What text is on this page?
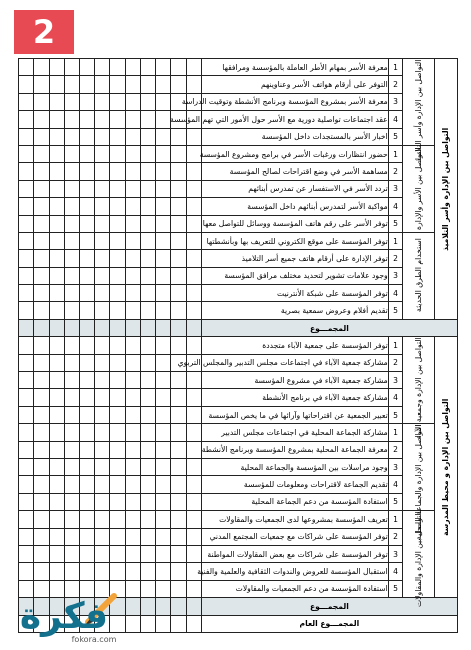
2
التواصل بين الإدارة وأسر التلاميذ	التواصل بين الإدارة وأسر التلاميذ	1	معرفة الأسر بمهام الأطر العاملة بالمؤسسة ومرافقها												
		2	التوفر على أرقام هواتف الأسر وعناوينهم												
		3	معرفة الأسر بمشروع المؤسسة وبرنامج الأنشطة وتوقيت الدراسة												
		4	عقد اجتماعات تواصلية دورية مع الأسر حول الأمور التي تهم المؤسسة												
		5	اخبار الأسر بالمستجدات داخل المؤسسة												
	التواصل بين الأسر والإدارة	1	حضور انتظارات ورغبات الأسر في برامج ومشروع المؤسسة												
		2	مساهمة الأسر في وضع اقتراحات لصالح المؤسسة												
		3	تردد الأسر في الاستفسار عن تمدرس أبنائهم												
		4	مواكبة الأسر لتمدرس أبنائهم داخل المؤسسة												
		5	توفر الأسر على رقم هاتف المؤسسة ووسائل للتواصل معها												
	استخدام الطرق الحديثة	1	توفر المؤسسة على موقع الكتروني للتعريف بها وبأنشطتها												
		2	توفر الإدارة على أرقام هاتف جميع أسر التلاميذ												
		3	وجود علامات تشوير لتحديد مختلف مرافق المؤسسة												
		4	توفر المؤسسة على شبكة الأنترنيت												
		5	تقديم أفلام وعروض سمعية بصرية												
المجمـــوع															
التواصل بين الإدارة و محيط المدرسة	التواصل بين الإدارة وجمعية الآباء	1	توفر المؤسسة على جمعية الآباء متجددة												
		2	مشاركة جمعية الآباء في اجتماعات مجلس التدبير والمجلس التربوي												
		3	مشاركة جمعية الآباء في مشروع المؤسسة												
		4	مشاركة جمعية الآباء في برنامج الأنشطة												
		5	تعبير الجمعية عن اقتراحاتها وآرائها في ما يخص المؤسسة												
	التواصل بين الإدارة والجماعة المحلية	1	مشاركة الجماعة المحلية في اجتماعات مجلس التدبير												
		2	معرفة الجماعة المحلية بمشروع المؤسسة وبرنامج الأنشطة												
		3	وجود مراسلات بين المؤسسة والجماعة المحلية												
		4	تقديم الجماعة لاقتراحات ومعلومات للمؤسسة												
		5	استفادة المؤسسة من دعم الجماعة المحلية												
	التواصل بين الإدارة والمقاولات	1	تعريف المؤسسة بمشروعها لدى الجمعيات والمقاولات												
		2	توفر المؤسسة على شراكات مع جمعيات المجتمع المدني												
		3	توفر المؤسسة على شراكات مع بعض المقاولات المواطنة												
		4	استقبال المؤسسة للعروض والندوات الثقافية والعلمية والفنية												
		5	استفادة المؤسسة من دعم الجمعيات والمقاولات												
المجمـــوع															
المجمـــوع العام															
فكرة
fokora.com
